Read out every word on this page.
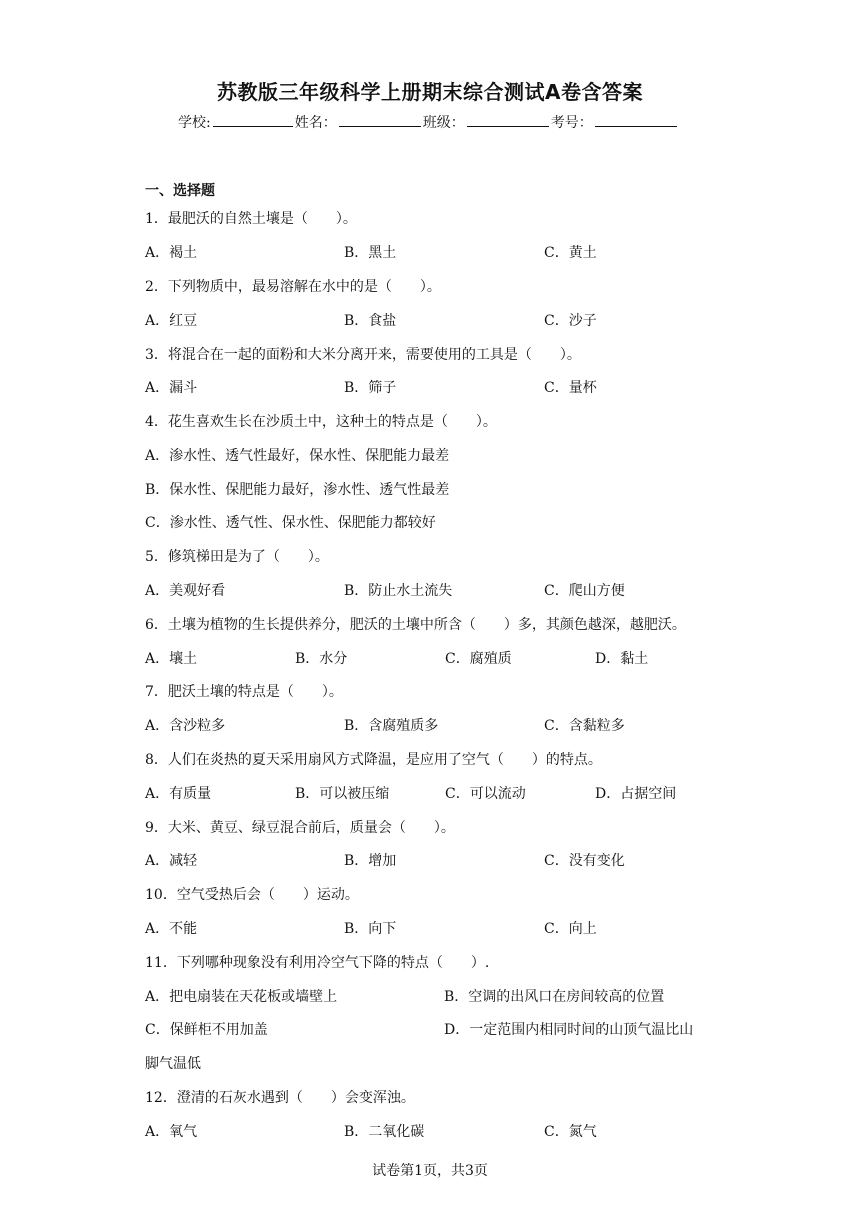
苏教版三年级科学上册期末综合测试A卷含答案
学校:	姓名：	班级：	考号：
一、选择题
1．最肥沃的自然土壤是（　　）。
A．褐土	B．黑土	C．黄土
2．下列物质中，最易溶解在水中的是（　　）。
A．红豆	B．食盐	C．沙子
3．将混合在一起的面粉和大米分离开来，需要使用的工具是（　　）。
A．漏斗	B．筛子	C．量杯
4．花生喜欢生长在沙质土中，这种土的特点是（　　）。
A．渗水性、透气性最好，保水性、保肥能力最差
B．保水性、保肥能力最好，渗水性、透气性最差
C．渗水性、透气性、保水性、保肥能力都较好
5．修筑梯田是为了（　　）。
A．美观好看	B．防止水土流失	C．爬山方便
6．土壤为植物的生长提供养分，肥沃的土壤中所含（　　）多，其颜色越深，越肥沃。
A．壤土	B．水分	C．腐殖质	D．黏土
7．肥沃土壤的特点是（　　）。
A．含沙粒多	B．含腐殖质多	C．含黏粒多
8．人们在炎热的夏天采用扇风方式降温，是应用了空气（　　）的特点。
A．有质量	B．可以被压缩	C．可以流动	D．占据空间
9．大米、黄豆、绿豆混合前后，质量会（　　）。
A．减轻	B．增加	C．没有变化
10．空气受热后会（　　）运动。
A．不能	B．向下	C．向上
11．下列哪种现象没有利用冷空气下降的特点（　　）.
A．把电扇装在天花板或墙壁上	B．空调的出风口在房间较高的位置
C．保鲜柜不用加盖	D．一定范围内相同时间的山顶气温比山
脚气温低
12．澄清的石灰水遇到（　　）会变浑浊。
A．氧气	B．二氧化碳	C．氮气
试卷第1页，共3页
